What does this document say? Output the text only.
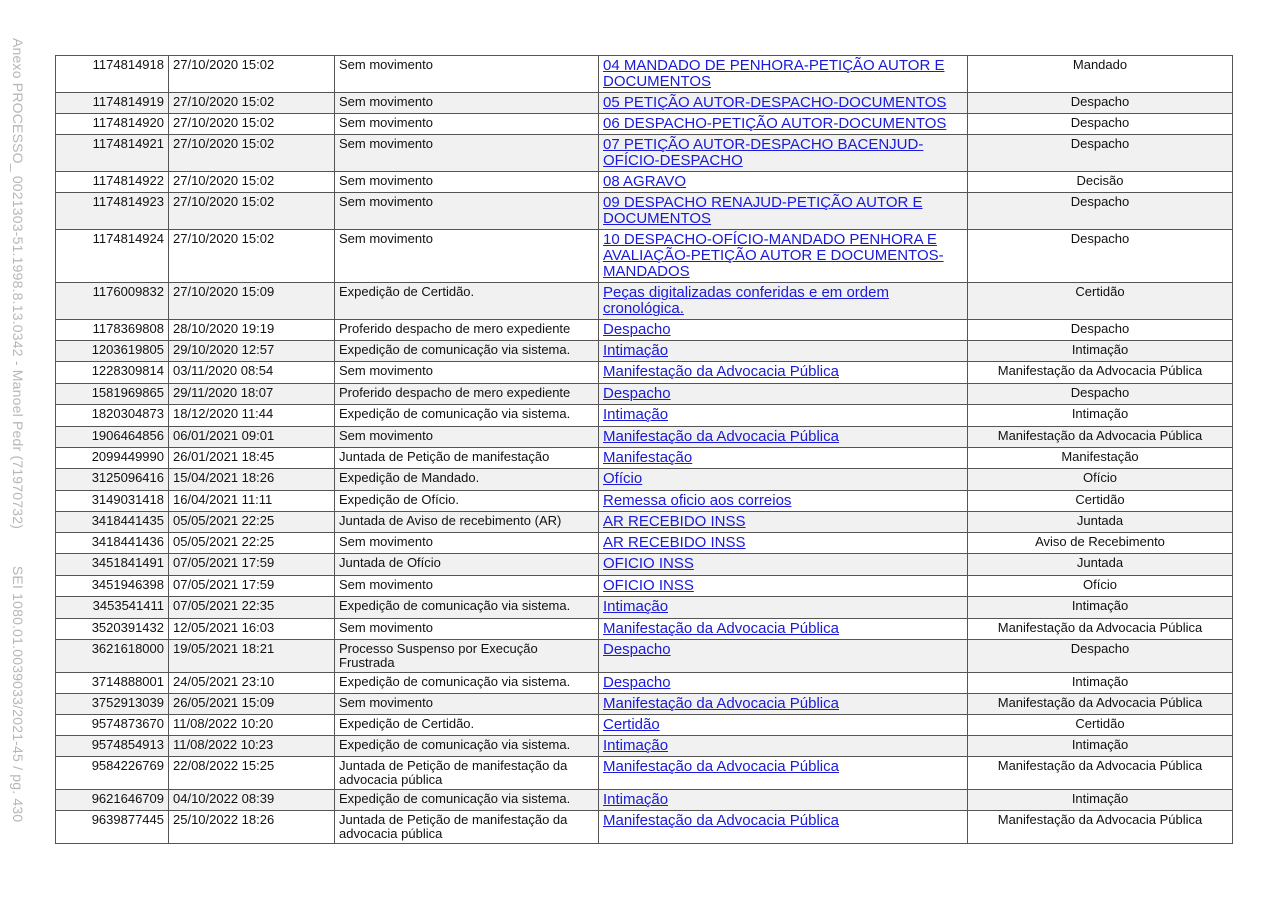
Anexo PROCESSO_ 0021303-51.1998.8.13.0342 - Manoel Pedr (71970732)         SEI 1080.01.0039033/2021-45 / pg. 430	1174814918	27/10/2020 15:02	Sem movimento	04 MANDADO DE PENHORA-PETIÇÃO AUTOR E DOCUMENTOS	Mandado
1174814919	27/10/2020 15:02	Sem movimento	05 PETIÇÃO AUTOR-DESPACHO-DOCUMENTOS	Despacho
1174814920	27/10/2020 15:02	Sem movimento	06 DESPACHO-PETIÇÃO AUTOR-DOCUMENTOS	Despacho
1174814921	27/10/2020 15:02	Sem movimento	07 PETIÇÃO AUTOR-DESPACHO BACENJUD-OFÍCIO-DESPACHO	Despacho
1174814922	27/10/2020 15:02	Sem movimento	08 AGRAVO	Decisão
1174814923	27/10/2020 15:02	Sem movimento	09 DESPACHO RENAJUD-PETIÇÃO AUTOR E DOCUMENTOS	Despacho
1174814924	27/10/2020 15:02	Sem movimento	10 DESPACHO-OFÍCIO-MANDADO PENHORA E AVALIAÇÃO-PETIÇÃO AUTOR E DOCUMENTOS-MANDADOS	Despacho
1176009832	27/10/2020 15:09	Expedição de Certidão.	Peças digitalizadas conferidas e em ordem cronológica.	Certidão
1178369808	28/10/2020 19:19	Proferido despacho de mero expediente	Despacho	Despacho
1203619805	29/10/2020 12:57	Expedição de comunicação via sistema.	Intimação	Intimação
1228309814	03/11/2020 08:54	Sem movimento	Manifestação da Advocacia Pública	Manifestação da Advocacia Pública
1581969865	29/11/2020 18:07	Proferido despacho de mero expediente	Despacho	Despacho
1820304873	18/12/2020 11:44	Expedição de comunicação via sistema.	Intimação	Intimação
1906464856	06/01/2021 09:01	Sem movimento	Manifestação da Advocacia Pública	Manifestação da Advocacia Pública
2099449990	26/01/2021 18:45	Juntada de Petição de manifestação	Manifestação	Manifestação
3125096416	15/04/2021 18:26	Expedição de Mandado.	Ofício	Ofício
3149031418	16/04/2021 11:11	Expedição de Ofício.	Remessa oficio aos correios	Certidão
3418441435	05/05/2021 22:25	Juntada de Aviso de recebimento (AR)	AR RECEBIDO INSS	Juntada
3418441436	05/05/2021 22:25	Sem movimento	AR RECEBIDO INSS	Aviso de Recebimento
3451841491	07/05/2021 17:59	Juntada de Ofício	OFICIO INSS	Juntada
3451946398	07/05/2021 17:59	Sem movimento	OFICIO INSS	Ofício
3453541411	07/05/2021 22:35	Expedição de comunicação via sistema.	Intimação	Intimação
3520391432	12/05/2021 16:03	Sem movimento	Manifestação da Advocacia Pública	Manifestação da Advocacia Pública
3621618000	19/05/2021 18:21	Processo Suspenso por Execução Frustrada	Despacho	Despacho
3714888001	24/05/2021 23:10	Expedição de comunicação via sistema.	Despacho	Intimação
3752913039	26/05/2021 15:09	Sem movimento	Manifestação da Advocacia Pública	Manifestação da Advocacia Pública
9574873670	11/08/2022 10:20	Expedição de Certidão.	Certidão	Certidão
9574854913	11/08/2022 10:23	Expedição de comunicação via sistema.	Intimação	Intimação
9584226769	22/08/2022 15:25	Juntada de Petição de manifestação da advocacia pública	Manifestação da Advocacia Pública	Manifestação da Advocacia Pública
9621646709	04/10/2022 08:39	Expedição de comunicação via sistema.	Intimação	Intimação
9639877445	25/10/2022 18:26	Juntada de Petição de manifestação da advocacia pública	Manifestação da Advocacia Pública	Manifestação da Advocacia Pública
